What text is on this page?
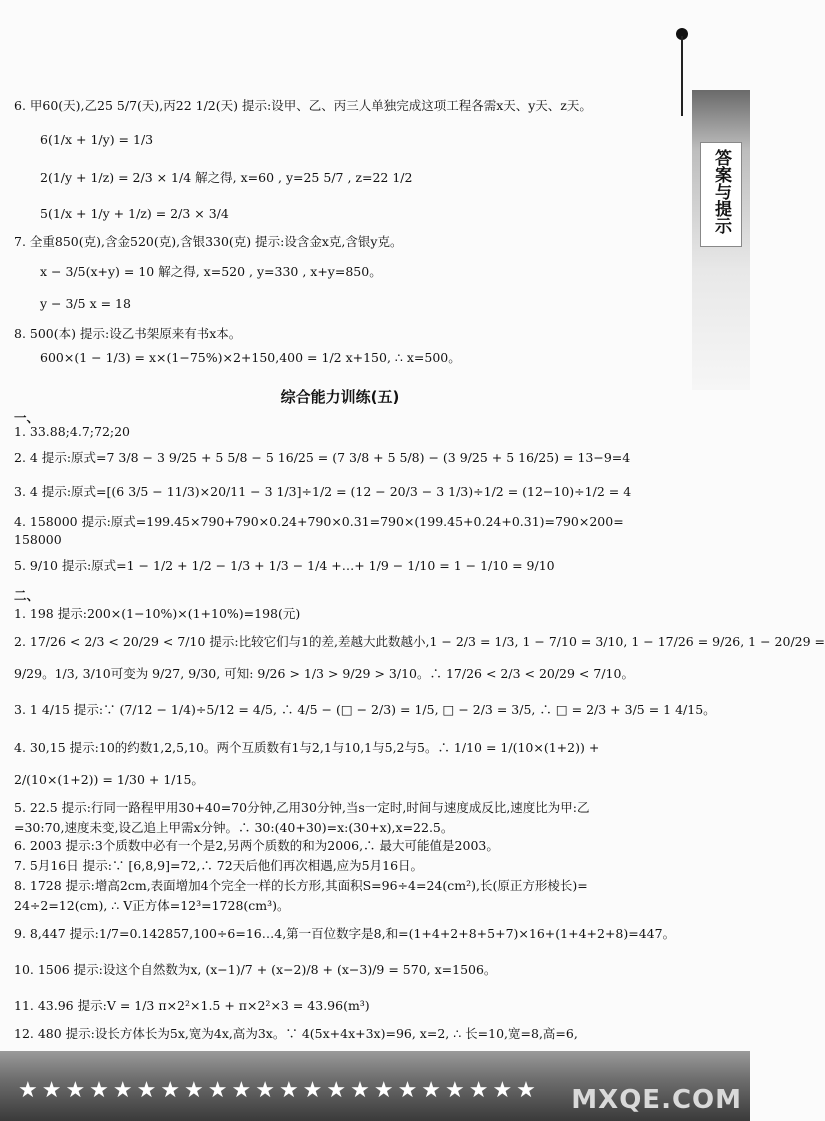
答案与提示
6. 甲60(天),乙25 5/7(天),丙22 1/2(天) 提示:设甲、乙、丙三人单独完成这项工程各需x天、y天、z天。
6(1/x + 1/y) = 1/3
2(1/y + 1/z) = 2/3 × 1/4 解之得, x=60 , y=25 5/7 , z=22 1/2
5(1/x + 1/y + 1/z) = 2/3 × 3/4
7. 全重850(克),含金520(克),含银330(克) 提示:设含金x克,含银y克。
x − 3/5(x+y) = 10 解之得, x=520 , y=330 , x+y=850。
y − 3/5 x = 18
8. 500(本) 提示:设乙书架原来有书x本。
600×(1 − 1/3) = x×(1−75%)×2+150,400 = 1/2 x+150, ∴ x=500。
综合能力训练(五)
一、
1. 33.88;4.7;72;20
2. 4 提示:原式=7 3/8 − 3 9/25 + 5 5/8 − 5 16/25 = (7 3/8 + 5 5/8) − (3 9/25 + 5 16/25) = 13−9=4
3. 4 提示:原式=[(6 3/5 − 11/3)×20/11 − 3 1/3]÷1/2 = (12 − 20/3 − 3 1/3)÷1/2 = (12−10)÷1/2 = 4
4. 158000 提示:原式=199.45×790+790×0.24+790×0.31=790×(199.45+0.24+0.31)=790×200=
158000
5. 9/10 提示:原式=1 − 1/2 + 1/2 − 1/3 + 1/3 − 1/4 +…+ 1/9 − 1/10 = 1 − 1/10 = 9/10
二、
1. 198 提示:200×(1−10%)×(1+10%)=198(元)
2. 17/26 < 2/3 < 20/29 < 7/10 提示:比较它们与1的差,差越大此数越小,1 − 2/3 = 1/3, 1 − 7/10 = 3/10, 1 − 17/26 = 9/26, 1 − 20/29 =
9/29。1/3, 3/10可变为 9/27, 9/30, 可知: 9/26 > 1/3 > 9/29 > 3/10。∴ 17/26 < 2/3 < 20/29 < 7/10。
3. 1 4/15 提示:∵ (7/12 − 1/4)÷5/12 = 4/5, ∴ 4/5 − (□ − 2/3) = 1/5, □ − 2/3 = 3/5, ∴ □ = 2/3 + 3/5 = 1 4/15。
4. 30,15 提示:10的约数1,2,5,10。两个互质数有1与2,1与10,1与5,2与5。∴ 1/10 = 1/(10×(1+2)) +
2/(10×(1+2)) = 1/30 + 1/15。
5. 22.5 提示:行同一路程甲用30+40=70分钟,乙用30分钟,当s一定时,时间与速度成反比,速度比为甲:乙
=30:70,速度未变,设乙追上甲需x分钟。∴ 30:(40+30)=x:(30+x),x=22.5。
6. 2003 提示:3个质数中必有一个是2,另两个质数的和为2006,∴ 最大可能值是2003。
7. 5月16日 提示:∵ [6,8,9]=72,∴ 72天后他们再次相遇,应为5月16日。
8. 1728 提示:增高2cm,表面增加4个完全一样的长方形,其面积S=96÷4=24(cm²),长(原正方形棱长)=
24÷2=12(cm), ∴ V正方体=12³=1728(cm³)。
9. 8,447 提示:1/7=0.142857,100÷6=16…4,第一百位数字是8,和=(1+4+2+8+5+7)×16+(1+4+2+8)=447。
10. 1506 提示:设这个自然数为x, (x−1)/7 + (x−2)/8 + (x−3)/9 = 570, x=1506。
11. 43.96 提示:V = 1/3 π×2²×1.5 + π×2²×3 = 43.96(m³)
12. 480 提示:设长方体长为5x,宽为4x,高为3x。∵ 4(5x+4x+3x)=96, x=2, ∴ 长=10,宽=8,高=6,
★★★★★★★★★★★★★★★★★★★★★★	MXQE.COM
